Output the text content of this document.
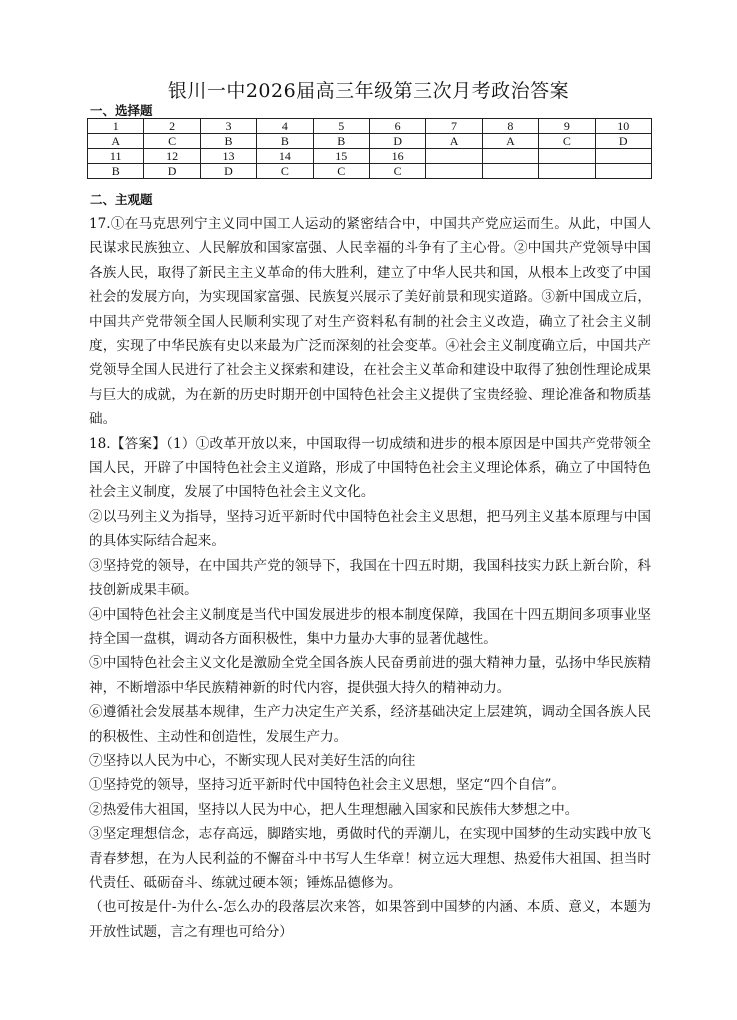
银川一中2026届高三年级第三次月考政治答案
一、选择题
1	2	3	4	5	6	7	8	9	10
A	C	B	B	B	D	A	A	C	D
11	12	13	14	15	16				
B	D	D	C	C	C				
二、主观题

17.①在马克思列宁主义同中国工人运动的紧密结合中，中国共产党应运而生。从此，中国人民谋求民族独立、人民解放和国家富强、人民幸福的斗争有了主心骨。②中国共产党领导中国各族人民，取得了新民主主义革命的伟大胜利，建立了中华人民共和国，从根本上改变了中国社会的发展方向，为实现国家富强、民族复兴展示了美好前景和现实道路。③新中国成立后，中国共产党带领全国人民顺利实现了对生产资料私有制的社会主义改造，确立了社会主义制度，实现了中华民族有史以来最为广泛而深刻的社会变革。④社会主义制度确立后，中国共产党领导全国人民进行了社会主义探索和建设，在社会主义革命和建设中取得了独创性理论成果与巨大的成就，为在新的历史时期开创中国特色社会主义提供了宝贵经验、理论准备和物质基础。

18.【答案】（1）①改革开放以来，中国取得一切成绩和进步的根本原因是中国共产党带领全国人民，开辟了中国特色社会主义道路，形成了中国特色社会主义理论体系，确立了中国特色社会主义制度，发展了中国特色社会主义文化。

②以马列主义为指导，坚持习近平新时代中国特色社会主义思想，把马列主义基本原理与中国的具体实际结合起来。

③坚持党的领导，在中国共产党的领导下，我国在十四五时期，我国科技实力跃上新台阶，科技创新成果丰硕。

④中国特色社会主义制度是当代中国发展进步的根本制度保障，我国在十四五期间多项事业坚持全国一盘棋，调动各方面积极性，集中力量办大事的显著优越性。

⑤中国特色社会主义文化是激励全党全国各族人民奋勇前进的强大精神力量，弘扬中华民族精神，不断增添中华民族精神新的时代内容，提供强大持久的精神动力。

⑥遵循社会发展基本规律，生产力决定生产关系，经济基础决定上层建筑，调动全国各族人民的积极性、主动性和创造性，发展生产力。

⑦坚持以人民为中心，不断实现人民对美好生活的向往

①坚持党的领导，坚持习近平新时代中国特色社会主义思想，坚定“四个自信”。

②热爱伟大祖国，坚持以人民为中心，把人生理想融入国家和民族伟大梦想之中。

③坚定理想信念，志存高远，脚踏实地，勇做时代的弄潮儿，在实现中国梦的生动实践中放飞青春梦想，在为人民利益的不懈奋斗中书写人生华章！树立远大理想、热爱伟大祖国、担当时代责任、砥砺奋斗、练就过硬本领；锤炼品德修为。

（也可按是什-为什么-怎么办的段落层次来答，如果答到中国梦的内涵、本质、意义，本题为开放性试题，言之有理也可给分）
